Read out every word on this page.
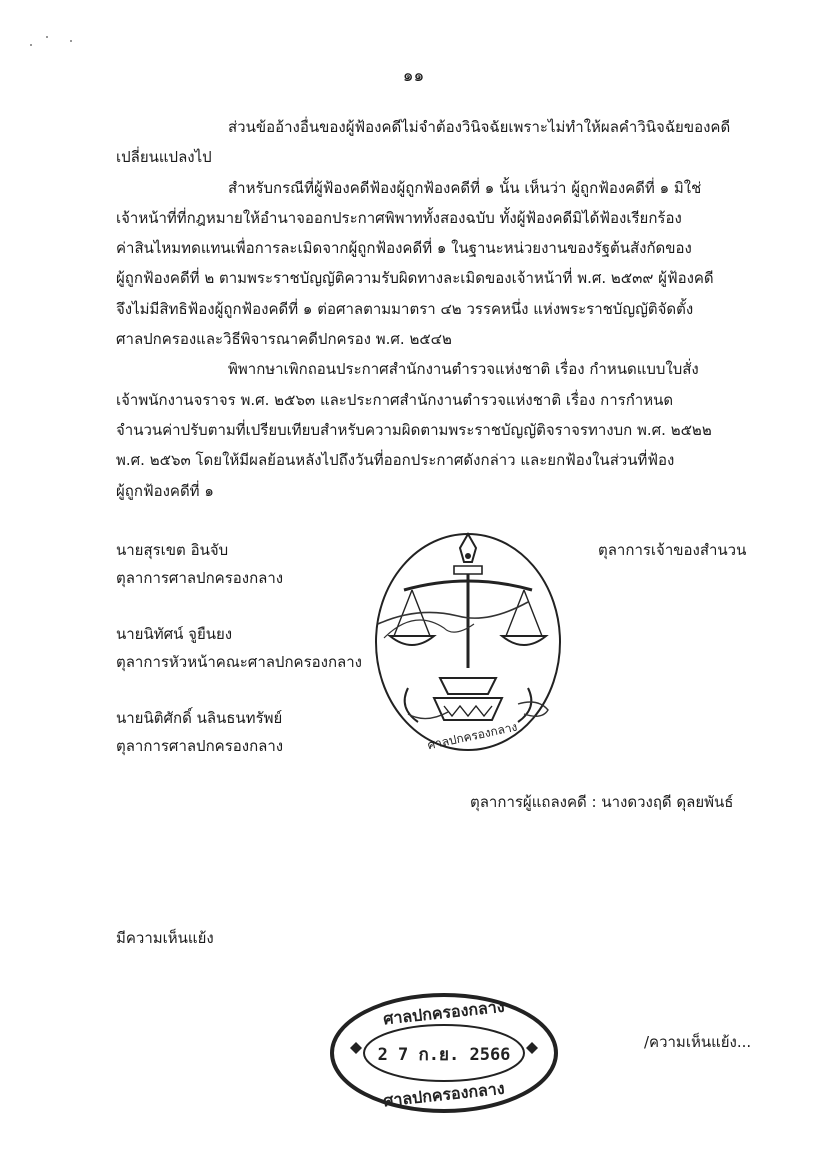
๑๑
ส่วนข้ออ้างอื่นของผู้ฟ้องคดีไม่จำต้องวินิจฉัยเพราะไม่ทำให้ผลคำวินิจฉัยของคดี
เปลี่ยนแปลงไป
สำหรับกรณีที่ผู้ฟ้องคดีฟ้องผู้ถูกฟ้องคดีที่ ๑ นั้น เห็นว่า ผู้ถูกฟ้องคดีที่ ๑ มิใช่
เจ้าหน้าที่ที่กฎหมายให้อำนาจออกประกาศพิพาททั้งสองฉบับ ทั้งผู้ฟ้องคดีมิได้ฟ้องเรียกร้อง
ค่าสินไหมทดแทนเพื่อการละเมิดจากผู้ถูกฟ้องคดีที่ ๑ ในฐานะหน่วยงานของรัฐต้นสังกัดของ
ผู้ถูกฟ้องคดีที่ ๒ ตามพระราชบัญญัติความรับผิดทางละเมิดของเจ้าหน้าที่ พ.ศ. ๒๕๓๙ ผู้ฟ้องคดี
จึงไม่มีสิทธิฟ้องผู้ถูกฟ้องคดีที่ ๑ ต่อศาลตามมาตรา ๔๒ วรรคหนึ่ง แห่งพระราชบัญญัติจัดตั้ง
ศาลปกครองและวิธีพิจารณาคดีปกครอง พ.ศ. ๒๕๔๒
พิพากษาเพิกถอนประกาศสำนักงานตำรวจแห่งชาติ เรื่อง กำหนดแบบใบสั่ง
เจ้าพนักงานจราจร พ.ศ. ๒๕๖๓ และประกาศสำนักงานตำรวจแห่งชาติ เรื่อง การกำหนด
จำนวนค่าปรับตามที่เปรียบเทียบสำหรับความผิดตามพระราชบัญญัติจราจรทางบก พ.ศ. ๒๕๒๒
พ.ศ. ๒๕๖๓ โดยให้มีผลย้อนหลังไปถึงวันที่ออกประกาศดังกล่าว และยกฟ้องในส่วนที่ฟ้อง
ผู้ถูกฟ้องคดีที่ ๑
ศาลปกครองกลาง
ตุลาการเจ้าของสำนวน
นายสุรเขต อินจับ
ตุลาการศาลปกครองกลาง
นายนิทัศน์ จูยืนยง
ตุลาการหัวหน้าคณะศาลปกครองกลาง
นายนิติศักดิ์ นลินธนทรัพย์
ตุลาการศาลปกครองกลาง
ตุลาการผู้แถลงคดี : นางดวงฤดี ดุลยพันธ์
มีความเห็นแย้ง
ศาลปกครองกลาง
2 7 ก.ย. 2566
ศาลปกครองกลาง
/ความเห็นแย้ง...
